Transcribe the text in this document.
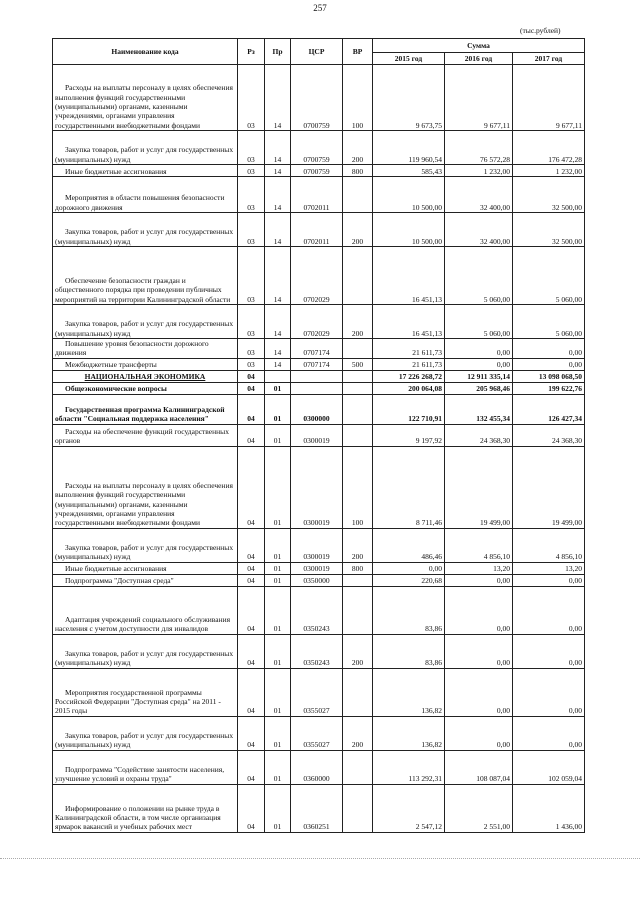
257
(тыс.рублей)
Наименование кода	Рз	Пр	ЦСР	ВР	Сумма		
					2015 год	2016 год	2017 год
Расходы на выплаты персоналу в целях обеспечения выполнения функций государственными (муниципальными) органами, казенными учреждениями, органами управления государственными внебюджетными фондами	03	14	0700759	100	9 673,75	9 677,11	9 677,11
Закупка товаров, работ и услуг для государственных (муниципальных) нужд	03	14	0700759	200	119 960,54	76 572,28	176 472,28
Иные бюджетные ассигнования	03	14	0700759	800	585,43	1 232,00	1 232,00
Мероприятия в области повышения безопасности дорожного движения	03	14	0702011		10 500,00	32 400,00	32 500,00
Закупка товаров, работ и услуг для государственных (муниципальных) нужд	03	14	0702011	200	10 500,00	32 400,00	32 500,00
Обеспечение безопасности граждан и общественного порядка при проведении публичных мероприятий на территории Калининградской области	03	14	0702029		16 451,13	5 060,00	5 060,00
Закупка товаров, работ и услуг для государственных (муниципальных) нужд	03	14	0702029	200	16 451,13	5 060,00	5 060,00
Повышение уровня безопасности дорожного движения	03	14	0707174		21 611,73	0,00	0,00
Межбюджетные трансферты	03	14	0707174	500	21 611,73	0,00	0,00
НАЦИОНАЛЬНАЯ ЭКОНОМИКА	04				17 226 268,72	12 911 335,14	13 098 068,50
Общеэкономические вопросы	04	01			200 064,08	205 968,46	199 622,76
Государственная программа Калининградской области "Социальная поддержка населения"	04	01	0300000		122 710,91	132 455,34	126 427,34
Расходы на обеспечение функций государственных органов	04	01	0300019		9 197,92	24 368,30	24 368,30
Расходы на выплаты персоналу в целях обеспечения выполнения функций государственными (муниципальными) органами, казенными учреждениями, органами управления государственными внебюджетными фондами	04	01	0300019	100	8 711,46	19 499,00	19 499,00
Закупка товаров, работ и услуг для государственных (муниципальных) нужд	04	01	0300019	200	486,46	4 856,10	4 856,10
Иные бюджетные ассигнования	04	01	0300019	800	0,00	13,20	13,20
Подпрограмма "Доступная среда"	04	01	0350000		220,68	0,00	0,00
Адаптация учреждений социального обслуживания населения с учетом доступности для инвалидов	04	01	0350243		83,86	0,00	0,00
Закупка товаров, работ и услуг для государственных (муниципальных) нужд	04	01	0350243	200	83,86	0,00	0,00
Мероприятия государственной программы Российской Федерации "Доступная среда" на 2011 - 2015 годы	04	01	0355027		136,82	0,00	0,00
Закупка товаров, работ и услуг для государственных (муниципальных) нужд	04	01	0355027	200	136,82	0,00	0,00
Подпрограмма "Содействие занятости населения, улучшение условий и охраны труда"	04	01	0360000		113 292,31	108 087,04	102 059,04
Информирование о положении на рынке труда в Калининградской области, в том числе организация ярмарок вакансий и учебных рабочих мест	04	01	0360251		2 547,12	2 551,00	1 436,00
